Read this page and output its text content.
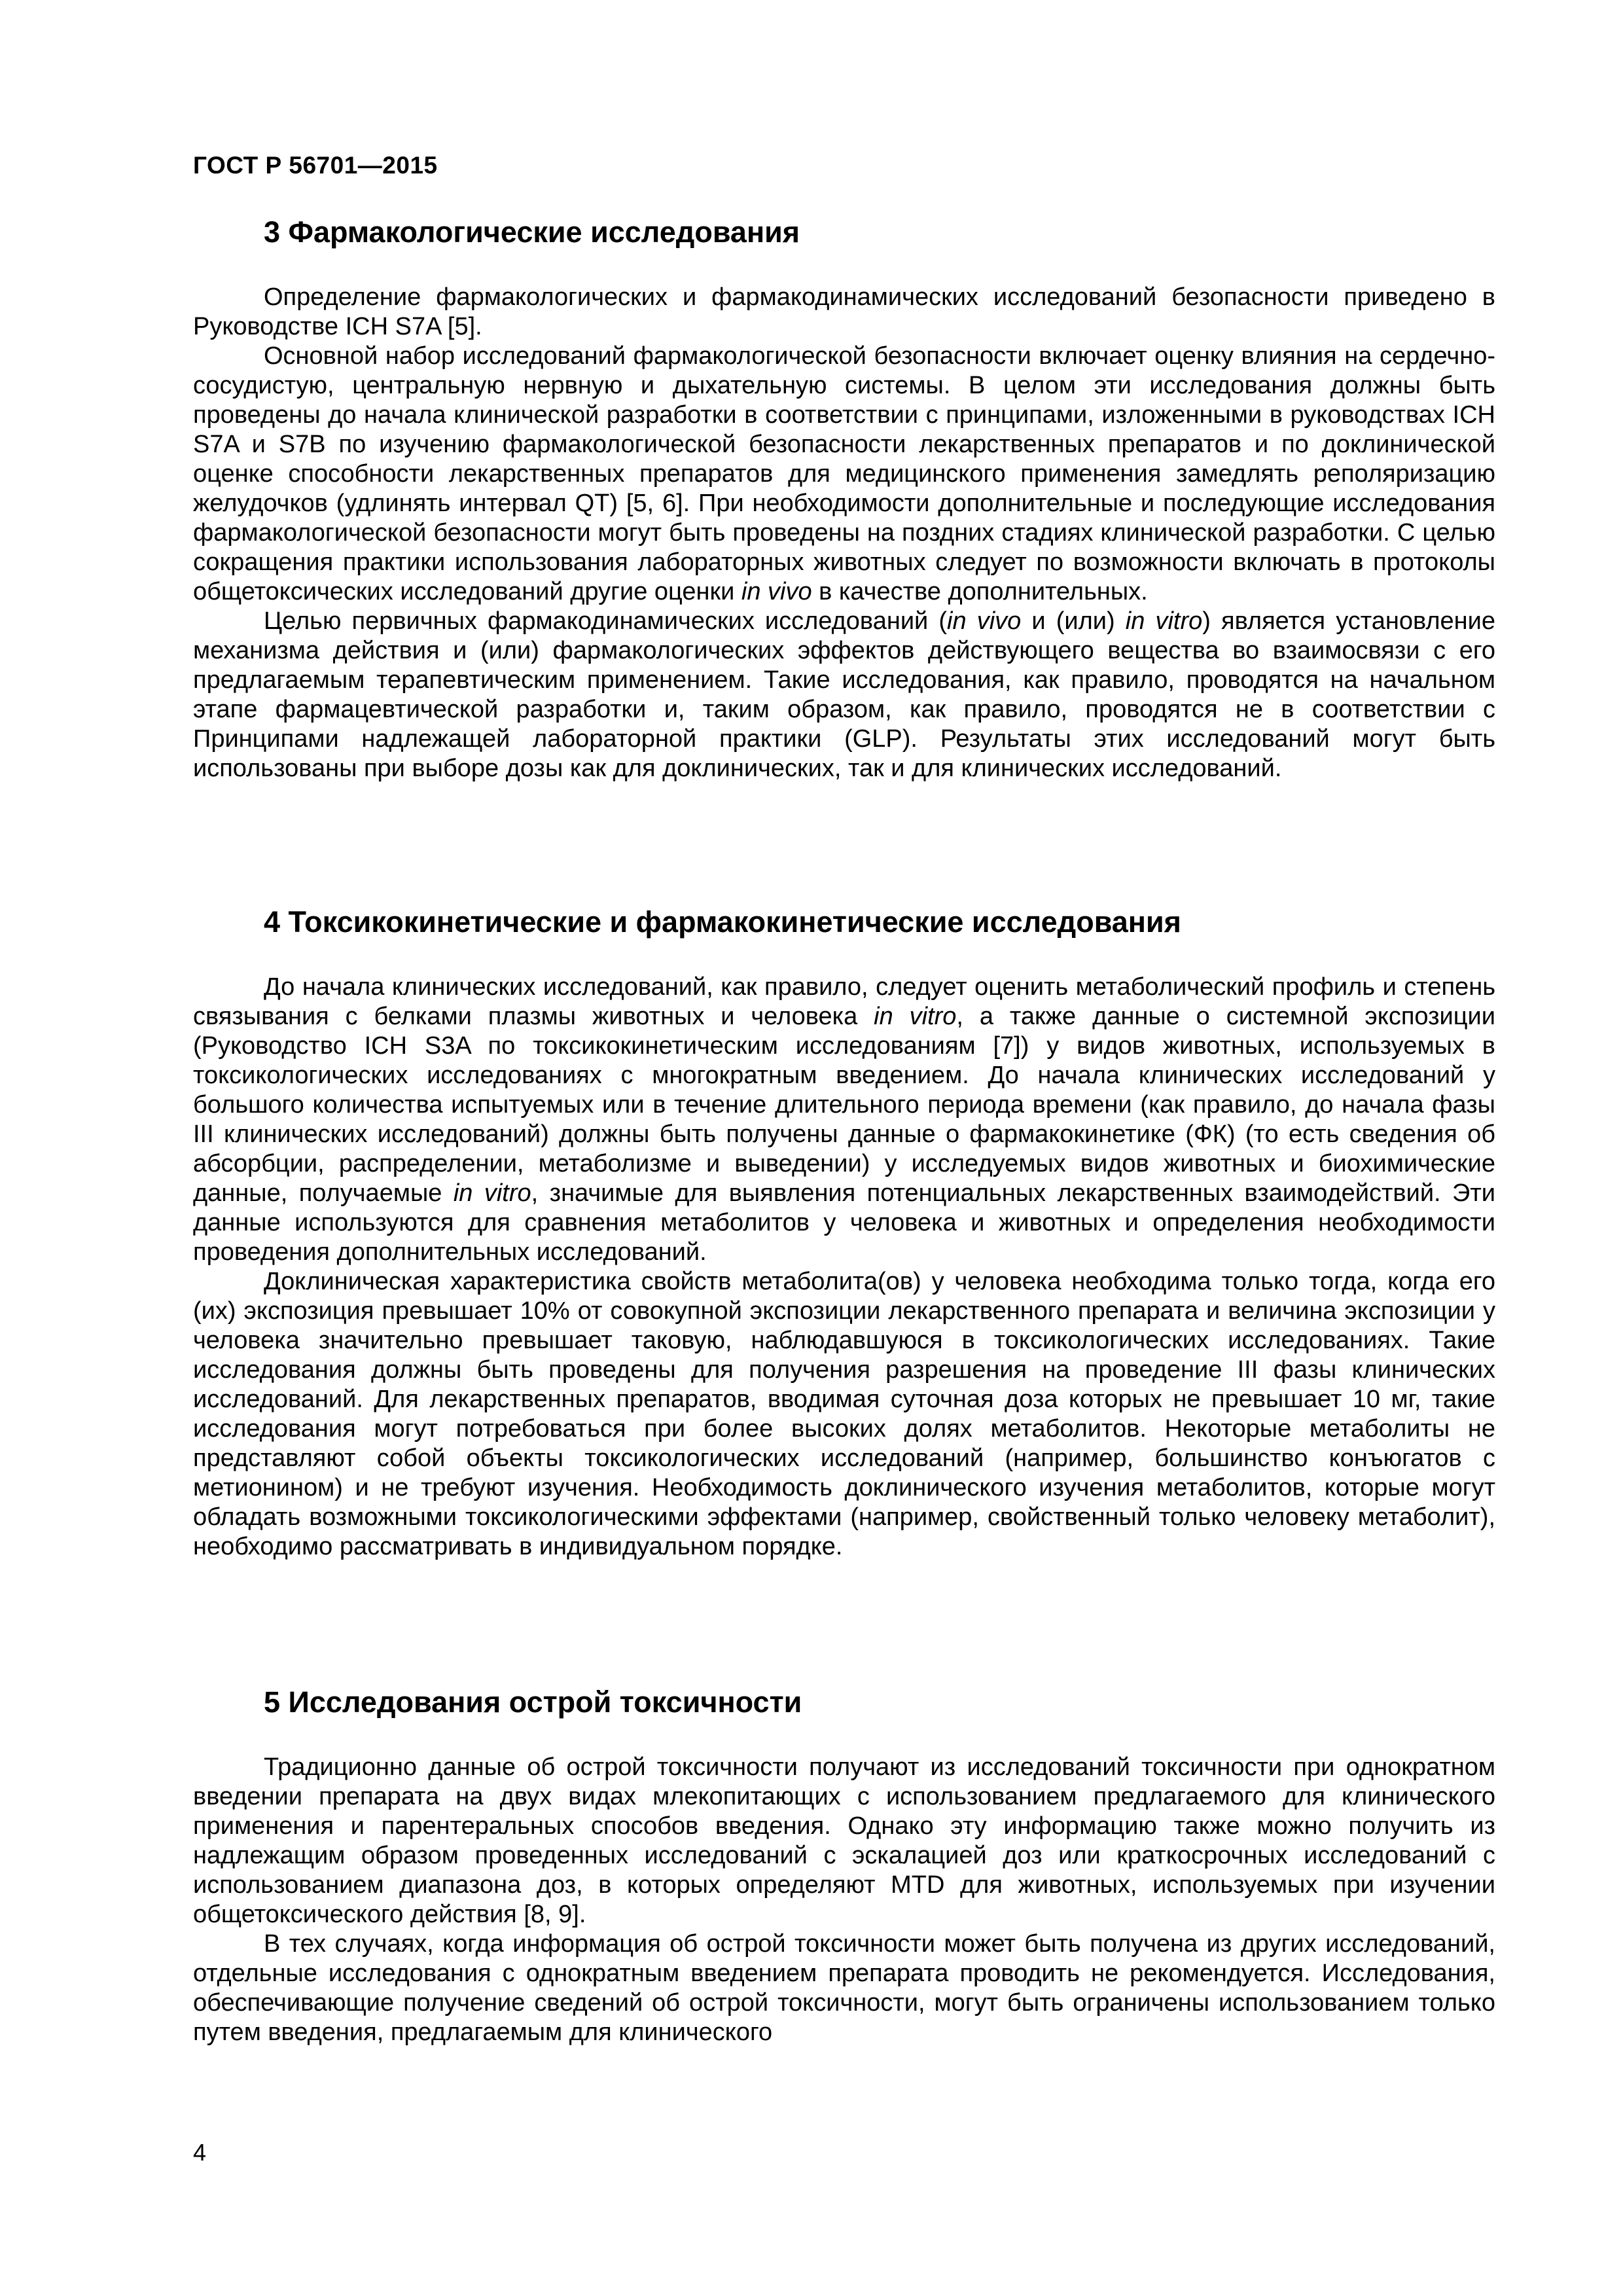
ГОСТ Р 56701—2015
3 Фармакологические исследования

Определение фармакологических и фармакодинамических исследований безопасности приведено в Руководстве ICH S7A [5].

Основной набор исследований фармакологической безопасности включает оценку влияния на сердечно-сосудистую, центральную нервную и дыхательную системы. В целом эти исследования должны быть проведены до начала клинической разработки в соответствии с принципами, изложенными в руководствах ICH S7A и S7B по изучению фармакологической безопасности лекарственных препаратов и по доклинической оценке способности лекарственных препаратов для медицинского применения замедлять реполяризацию желудочков (удлинять интервал QT) [5, 6]. При необходимости дополнительные и последующие исследования фармакологической безопасности могут быть проведены на поздних стадиях клинической разработки. С целью сокращения практики использования лабораторных животных следует по возможности включать в протоколы общетоксических исследований другие оценки in vivo в качестве дополнительных.

Целью первичных фармакодинамических исследований (in vivo и (или) in vitro) является установление механизма действия и (или) фармакологических эффектов действующего вещества во взаимосвязи с его предлагаемым терапевтическим применением. Такие исследования, как правило, проводятся на начальном этапе фармацевтической разработки и, таким образом, как правило, проводятся не в соответствии с Принципами надлежащей лабораторной практики (GLP). Результаты этих исследований могут быть использованы при выборе дозы как для доклинических, так и для клинических исследований.

4 Токсикокинетические и фармакокинетические исследования

До начала клинических исследований, как правило, следует оценить метаболический профиль и степень связывания с белками плазмы животных и человека in vitro, а также данные о системной экспозиции (Руководство ICH S3A по токсикокинетическим исследованиям [7]) у видов животных, используемых в токсикологических исследованиях с многократным введением. До начала клинических исследований у большого количества испытуемых или в течение длительного периода времени (как правило, до начала фазы III клинических исследований) должны быть получены данные о фармакокинетике (ФК) (то есть сведения об абсорбции, распределении, метаболизме и выведении) у исследуемых видов животных и биохимические данные, получаемые in vitro, значимые для выявления потенциальных лекарственных взаимодействий. Эти данные используются для сравнения метаболитов у человека и животных и определения необходимости проведения дополнительных исследований.

Доклиническая характеристика свойств метаболита(ов) у человека необходима только тогда, когда его (их) экспозиция превышает 10% от совокупной экспозиции лекарственного препарата и величина экспозиции у человека значительно превышает таковую, наблюдавшуюся в токсикологических исследованиях. Такие исследования должны быть проведены для получения разрешения на проведение III фазы клинических исследований. Для лекарственных препаратов, вводимая суточная доза которых не превышает 10 мг, такие исследования могут потребоваться при более высоких долях метаболитов. Некоторые метаболиты не представляют собой объекты токсикологических исследований (например, большинство конъюгатов с метионином) и не требуют изучения. Необходимость доклинического изучения метаболитов, которые могут обладать возможными токсикологическими эффектами (например, свойственный только человеку метаболит), необходимо рассматривать в индивидуальном порядке.

5 Исследования острой токсичности

Традиционно данные об острой токсичности получают из исследований токсичности при однократном введении препарата на двух видах млекопитающих с использованием предлагаемого для клинического применения и парентеральных способов введения. Однако эту информацию также можно получить из надлежащим образом проведенных исследований с эскалацией доз или краткосрочных исследований с использованием диапазона доз, в которых определяют MTD для животных, используемых при изучении общетоксического действия [8, 9].

В тех случаях, когда информация об острой токсичности может быть получена из других исследований, отдельные исследования с однократным введением препарата проводить не рекомендуется. Исследования, обеспечивающие получение сведений об острой токсичности, могут быть ограничены использованием только путем введения, предлагаемым для клинического

4
